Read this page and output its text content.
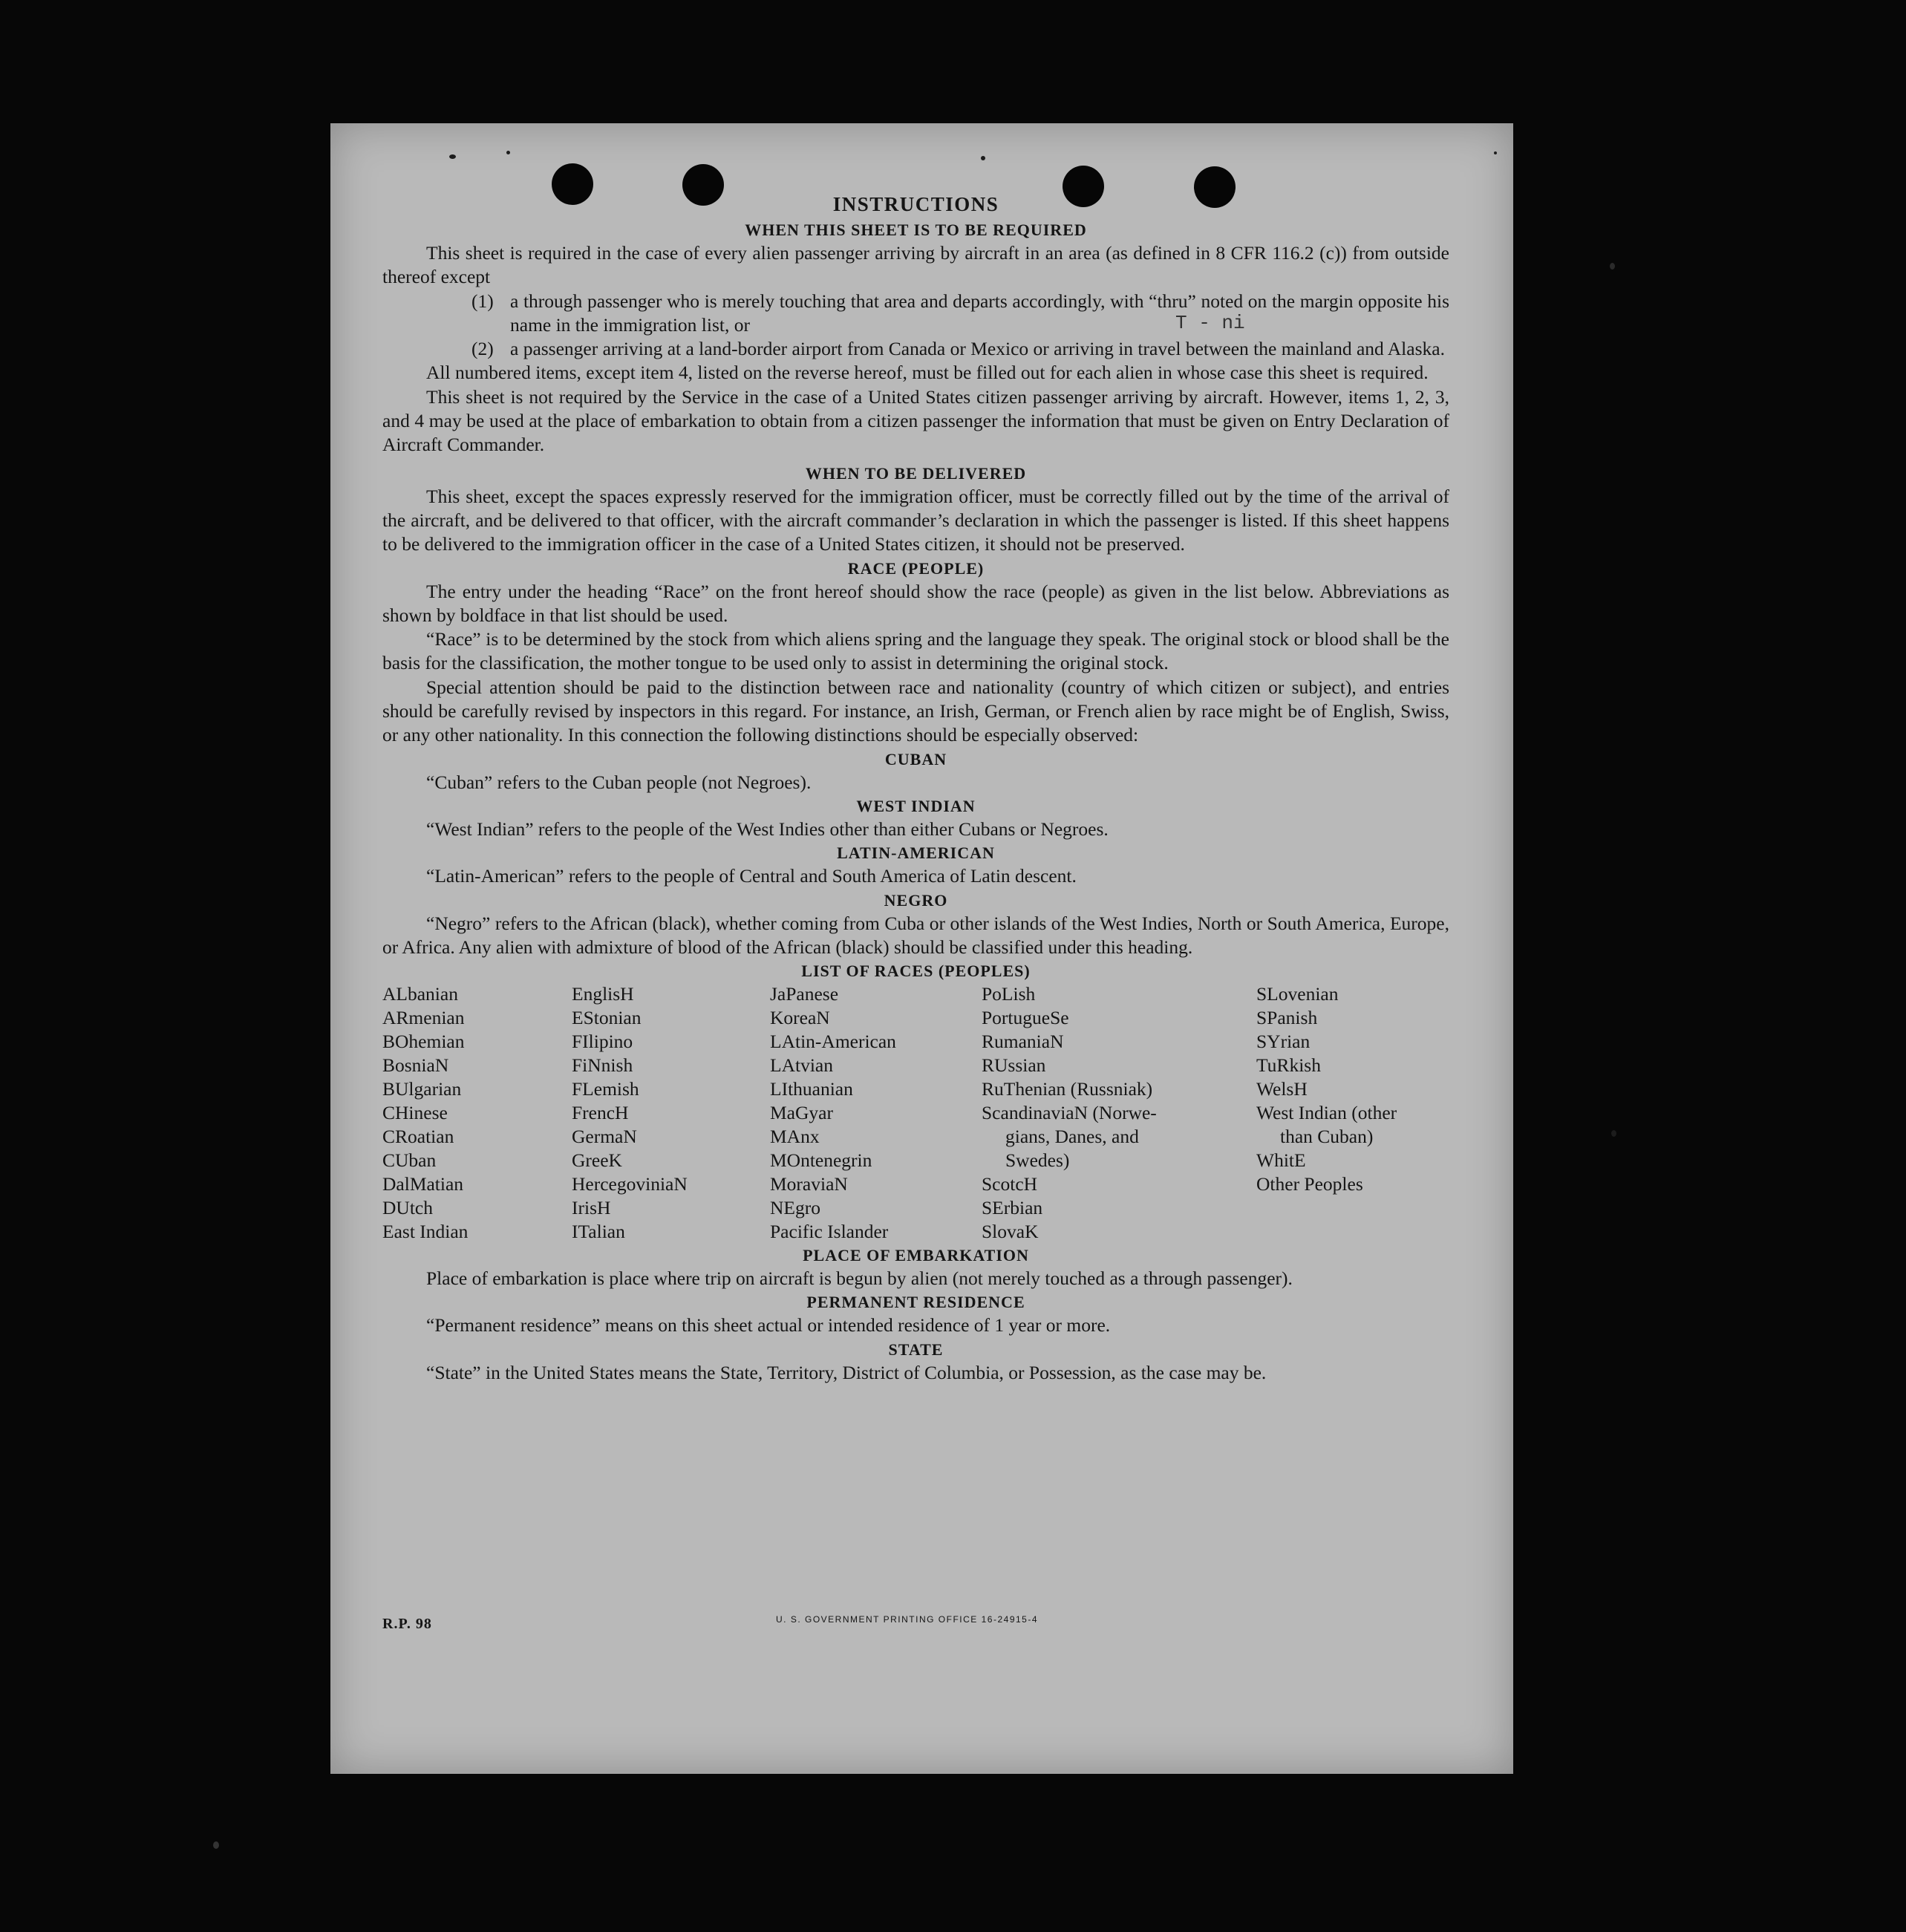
T - ni

INSTRUCTIONS

WHEN THIS SHEET IS TO BE REQUIRED

This sheet is required in the case of every alien passenger arriving by aircraft in an area (as defined in 8 CFR 116.2 (c)) from outside thereof except

(1) a through passenger who is merely touching that area and departs accordingly, with “thru” noted on the margin opposite his name in the immigration list, or
(2) a passenger arriving at a land-border airport from Canada or Mexico or arriving in travel between the mainland and Alaska.

All numbered items, except item 4, listed on the reverse hereof, must be filled out for each alien in whose case this sheet is required.

This sheet is not required by the Service in the case of a United States citizen passenger arriving by aircraft. However, items 1, 2, 3, and 4 may be used at the place of embarkation to obtain from a citizen passenger the information that must be given on Entry Declaration of Aircraft Commander.

WHEN TO BE DELIVERED

This sheet, except the spaces expressly reserved for the immigration officer, must be correctly filled out by the time of the arrival of the aircraft, and be delivered to that officer, with the aircraft commander’s declaration in which the passenger is listed. If this sheet happens to be delivered to the immigration officer in the case of a United States citizen, it should not be preserved.

RACE (PEOPLE)

The entry under the heading “Race” on the front hereof should show the race (people) as given in the list below. Abbreviations as shown by boldface in that list should be used.

“Race” is to be determined by the stock from which aliens spring and the language they speak. The original stock or blood shall be the basis for the classification, the mother tongue to be used only to assist in determining the original stock.

Special attention should be paid to the distinction between race and nationality (country of which citizen or subject), and entries should be carefully revised by inspectors in this regard. For instance, an Irish, German, or French alien by race might be of English, Swiss, or any other nationality. In this connection the following distinctions should be especially observed:

CUBAN

“Cuban” refers to the Cuban people (not Negroes).

WEST INDIAN

“West Indian” refers to the people of the West Indies other than either Cubans or Negroes.

LATIN-AMERICAN

“Latin-American” refers to the people of Central and South America of Latin descent.

NEGRO

“Negro” refers to the African (black), whether coming from Cuba or other islands of the West Indies, North or South America, Europe, or Africa. Any alien with admixture of blood of the African (black) should be classified under this heading.

LIST OF RACES (PEOPLES)

ALbanian
ARmenian
BOhemian
BosniaN
BUlgarian
CHinese
CRoatian
CUban
DalMatian
DUtch
East Indian
EnglisH
EStonian
FIlipino
FiNnish
FLemish
FrencH
GermaN
GreeK
HercegoviniaN
IrisH
ITalian
JaPanese
KoreaN
LAtin-American
LAtvian
LIthuanian
MaGyar
MAnx
MOntenegrin
MoraviaN
NEgro
Pacific Islander
PoLish
PortugueSe
RumaniaN
RUssian
RuThenian (Russniak)
ScandinaviaN (Norwe-
gians, Danes, and
Swedes)
ScotcH
SErbian
SlovaK
SLovenian
SPanish
SYrian
TuRkish
WelsH
West Indian (other
than Cuban)
WhitE
Other Peoples

PLACE OF EMBARKATION

Place of embarkation is place where trip on aircraft is begun by alien (not merely touched as a through passenger).

PERMANENT RESIDENCE

“Permanent residence” means on this sheet actual or intended residence of 1 year or more.

STATE

“State” in the United States means the State, Territory, District of Columbia, or Possession, as the case may be.

R.P. 98	U. S. GOVERNMENT PRINTING OFFICE 16-24915-4
